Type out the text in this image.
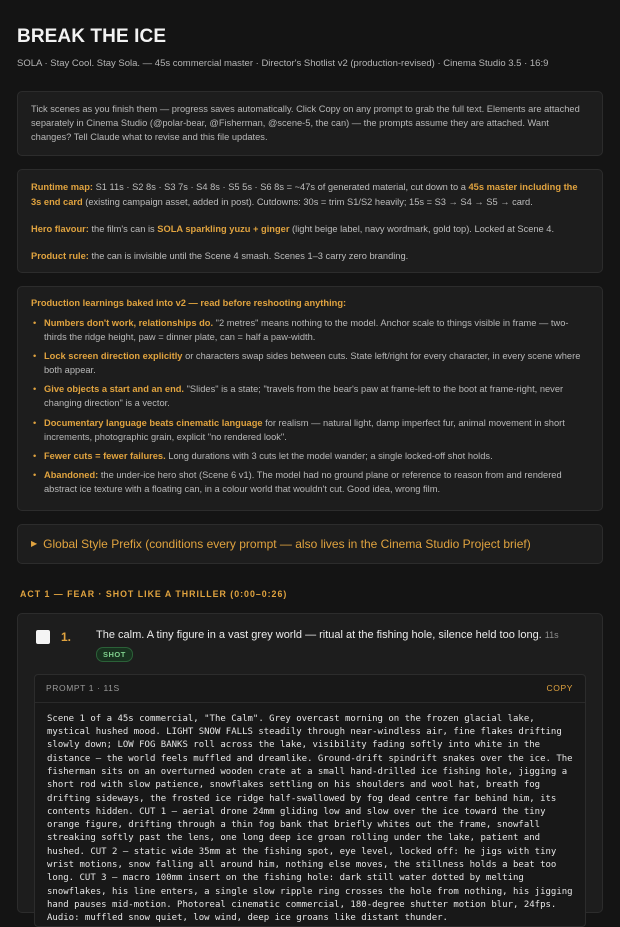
BREAK THE ICE
SOLA · Stay Cool. Stay Sola. — 45s commercial master · Director's Shotlist v2 (production-revised) · Cinema Studio 3.5 · 16:9
Tick scenes as you finish them — progress saves automatically. Click Copy on any prompt to grab the full text. Elements are attached separately in Cinema Studio (@polar-bear, @Fisherman, @scene-5, the can) — the prompts assume they are attached. Want changes? Tell Claude what to revise and this file updates.

Runtime map: S1 11s · S2 8s · S3 7s · S4 8s · S5 5s · S6 8s = ~47s of generated material, cut down to a 45s master including the 3s end card (existing campaign asset, added in post). Cutdowns: 30s = trim S1/S2 heavily; 15s = S3 → S4 → S5 → card.

Hero flavour: the film's can is SOLA sparkling yuzu + ginger (light beige label, navy wordmark, gold top). Locked at Scene 4.

Product rule: the can is invisible until the Scene 4 smash. Scenes 1–3 carry zero branding.

Production learnings baked into v2 — read before reshooting anything:
• Numbers don't work, relationships do. "2 metres" means nothing to the model. Anchor scale to things visible in frame — two-thirds the ridge height, paw = dinner plate, can = half a paw-width.
• Lock screen direction explicitly or characters swap sides between cuts. State left/right for every character, in every scene where both appear.
• Give objects a start and an end. "Slides" is a state; "travels from the bear's paw at frame-left to the boot at frame-right, never changing direction" is a vector.
• Documentary language beats cinematic language for realism — natural light, damp imperfect fur, animal movement in short increments, photographic grain, explicit "no rendered look".
• Fewer cuts = fewer failures. Long durations with 3 cuts let the model wander; a single locked-off shot holds.
• Abandoned: the under-ice hero shot (Scene 6 v1). The model had no ground plane or reference to reason from and rendered abstract ice texture with a floating can, in a colour world that wouldn't cut. Good idea, wrong film.
▶ Global Style Prefix (conditions every prompt — also lives in the Cinema Studio Project brief)
ACT 1 — FEAR · SHOT LIKE A THRILLER (0:00–0:26)
1.	The calm. A tiny figure in a vast grey world — ritual at the fishing hole, silence held too long. 11s
SHOT
PROMPT 1 · 11S	COPY
Scene 1 of a 45s commercial, "The Calm". Grey overcast morning on the frozen glacial lake, mystical hushed mood. LIGHT SNOW FALLS steadily through near-windless air, fine flakes drifting slowly down; LOW FOG BANKS roll across the lake, visibility fading softly into white in the distance — the world feels muffled and dreamlike. Ground-drift spindrift snakes over the ice. The fisherman sits on an overturned wooden crate at a small hand-drilled ice fishing hole, jigging a short rod with slow patience, snowflakes settling on his shoulders and wool hat, breath fog drifting sideways, the frosted ice ridge half-swallowed by fog dead centre far behind him, its contents hidden. CUT 1 — aerial drone 24mm gliding low and slow over the ice toward the tiny orange figure, drifting through a thin fog bank that briefly whites out the frame, snowfall streaking softly past the lens, one long deep ice groan rolling under the lake, patient and hushed. CUT 2 — static wide 35mm at the fishing spot, eye level, locked off: he jigs with tiny wrist motions, snow falling all around him, nothing else moves, the stillness holds a beat too long. CUT 3 — macro 100mm insert on the fishing hole: dark still water dotted by melting snowflakes, his line enters, a single slow ripple ring crosses the hole from nothing, his jigging hand pauses mid-motion. Photoreal cinematic commercial, 180-degree shutter motion blur, 24fps. Audio: muffled snow quiet, low wind, deep ice groans like distant thunder.
